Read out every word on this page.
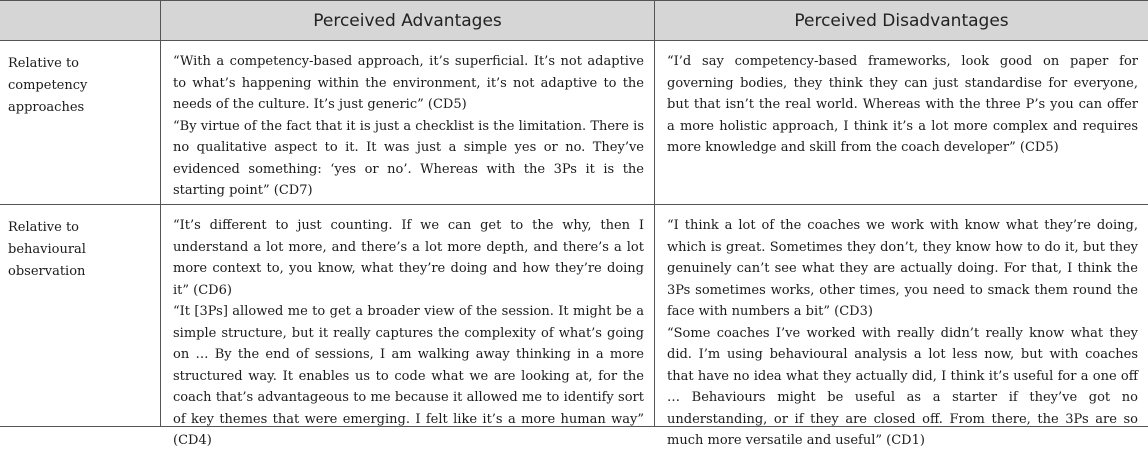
Perceived Advantages	Perceived Disadvantages
Relative to competency approaches

“With a competency-based approach, it’s superficial. It’s not adaptive to what’s happening within the environment, it’s not adaptive to the needs of the culture. It’s just generic” (CD5)

“By virtue of the fact that it is just a checklist is the limitation. There is no qualitative aspect to it. It was just a simple yes or no. They’ve evidenced something: ‘yes or no’. Whereas with the 3Ps it is the starting point” (CD7)

“I’d say competency-based frameworks, look good on paper for governing bodies, they think they can just standardise for everyone, but that isn’t the real world. Whereas with the three P’s you can offer a more holistic approach, I think it’s a lot more complex and requires more knowledge and skill from the coach developer” (CD5)

Relative to behavioural observation

“It’s different to just counting. If we can get to the why, then I understand a lot more, and there’s a lot more depth, and there’s a lot more context to, you know, what they’re doing and how they’re doing it” (CD6)

“It [3Ps] allowed me to get a broader view of the session. It might be a simple structure, but it really captures the complexity of what’s going on … By the end of sessions, I am walking away thinking in a more structured way. It enables us to code what we are looking at, for the coach that’s advantageous to me because it allowed me to identify sort of key themes that were emerging. I felt like it’s a more human way” (CD4)

“I think a lot of the coaches we work with know what they’re doing, which is great. Sometimes they don’t, they know how to do it, but they genuinely can’t see what they are actually doing. For that, I think the 3Ps sometimes works, other times, you need to smack them round the face with numbers a bit” (CD3)

“Some coaches I’ve worked with really didn’t really know what they did. I’m using behavioural analysis a lot less now, but with coaches that have no idea what they actually did, I think it’s useful for a one off … Behaviours might be useful as a starter if they’ve got no understanding, or if they are closed off. From there, the 3Ps are so much more versatile and useful” (CD1)
